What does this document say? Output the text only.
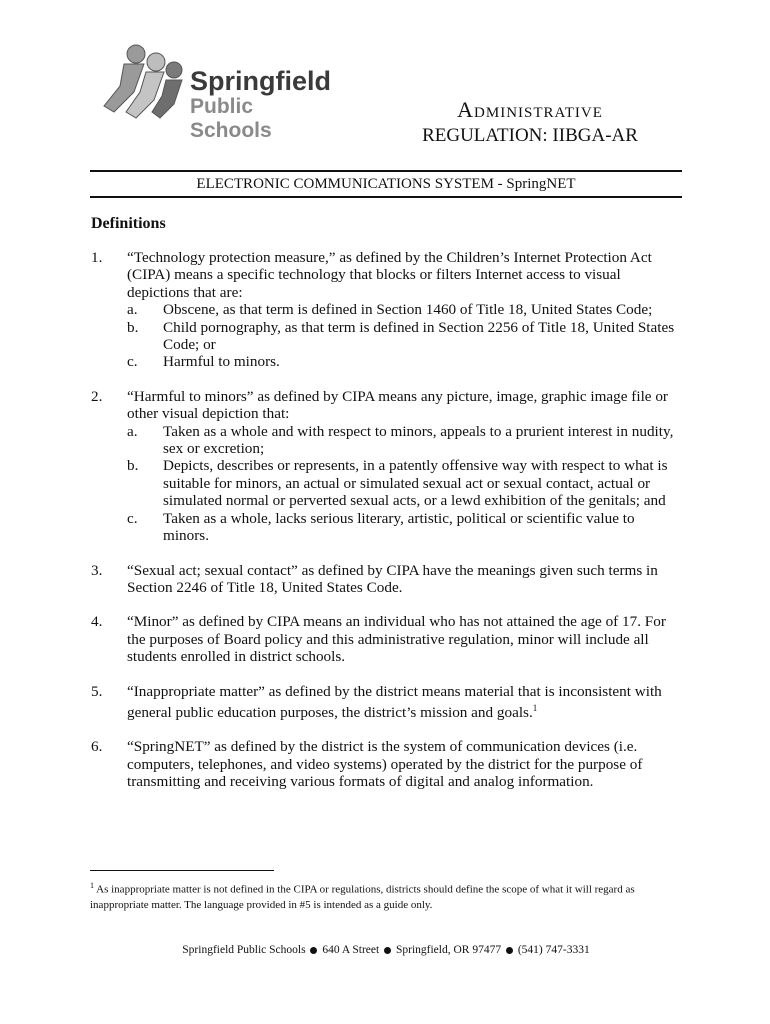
Springfield
Public Schools
Administrative
REGULATION: IIBGA-AR
ELECTRONIC COMMUNICATIONS SYSTEM - SpringNET
Definitions
1. “Technology protection measure,” as defined by the Children’s Internet Protection Act (CIPA) means a specific technology that blocks or filters Internet access to visual depictions that are:
a. Obscene, as that term is defined in Section 1460 of Title 18, United States Code;
b. Child pornography, as that term is defined in Section 2256 of Title 18, United States Code; or
c. Harmful to minors.
2. “Harmful to minors” as defined by CIPA means any picture, image, graphic image file or other visual depiction that:
a. Taken as a whole and with respect to minors, appeals to a prurient interest in nudity, sex or excretion;
b. Depicts, describes or represents, in a patently offensive way with respect to what is suitable for minors, an actual or simulated sexual act or sexual contact, actual or simulated normal or perverted sexual acts, or a lewd exhibition of the genitals; and
c. Taken as a whole, lacks serious literary, artistic, political or scientific value to minors.
3. “Sexual act; sexual contact” as defined by CIPA have the meanings given such terms in Section 2246 of Title 18, United States Code.
4. “Minor” as defined by CIPA means an individual who has not attained the age of 17. For the purposes of Board policy and this administrative regulation, minor will include all students enrolled in district schools.
5. “Inappropriate matter” as defined by the district means material that is inconsistent with general public education purposes, the district’s mission and goals.$^1$
6. “SpringNET” as defined by the district is the system of communication devices (i.e. computers, telephones, and video systems) operated by the district for the purpose of transmitting and receiving various formats of digital and analog information.
$^1$ As inappropriate matter is not defined in the CIPA or regulations, districts should define the scope of what it will regard as inappropriate matter. The language provided in #5 is intended as a guide only.
Springfield Public Schools 640 A Street Springfield, OR 97477 (541) 747-3331
